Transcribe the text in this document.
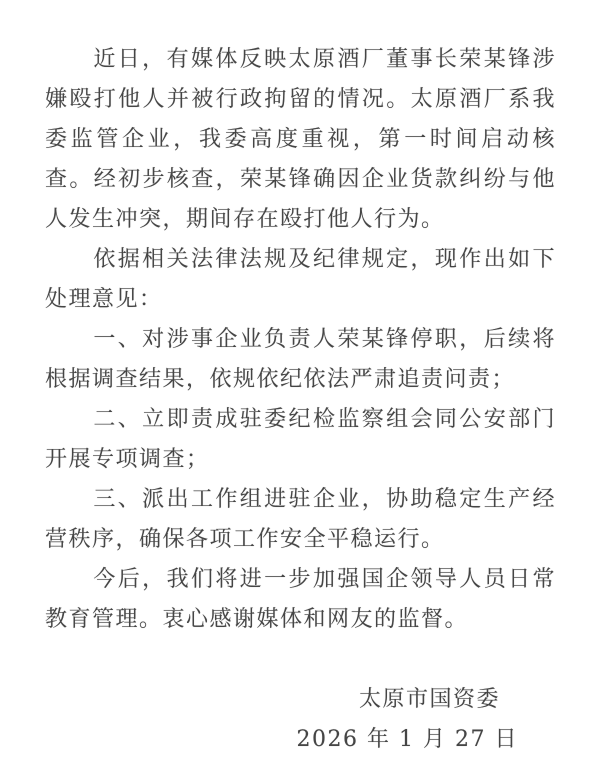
近日，有媒体反映太原酒厂董事长荣某锋涉嫌殴打他人并被行政拘留的情况。太原酒厂系我委监管企业，我委高度重视，第一时间启动核查。经初步核查，荣某锋确因企业货款纠纷与他人发生冲突，期间存在殴打他人行为。

依据相关法律法规及纪律规定，现作出如下处理意见：

一、对涉事企业负责人荣某锋停职，后续将根据调查结果，依规依纪依法严肃追责问责；

二、立即责成驻委纪检监察组会同公安部门开展专项调查；

三、派出工作组进驻企业，协助稳定生产经营秩序，确保各项工作安全平稳运行。

今后，我们将进一步加强国企领导人员日常教育管理。衷心感谢媒体和网友的监督。

太原市国资委
2026 年 1 月 27 日
